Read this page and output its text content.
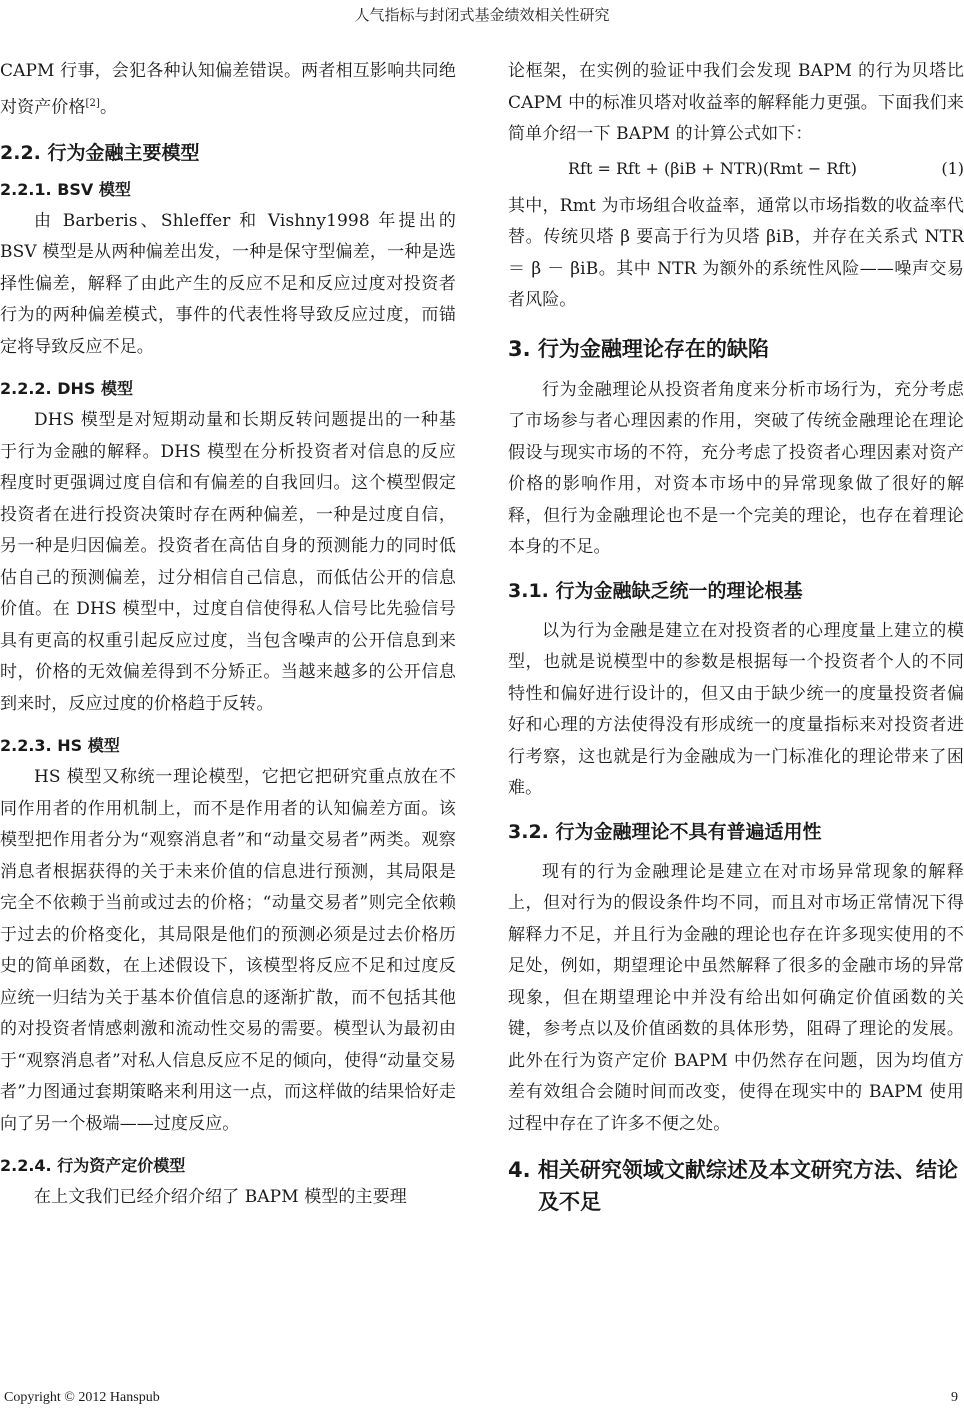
人气指标与封闭式基金绩效相关性研究

CAPM 行事，会犯各种认知偏差错误。两者相互影响共同绝对资产价格[2]。

2.2. 行为金融主要模型
2.2.1. BSV 模型

由 Barberis、Shleffer 和 Vishny1998 年提出的 BSV 模型是从两种偏差出发，一种是保守型偏差，一种是选择性偏差，解释了由此产生的反应不足和反应过度对投资者行为的两种偏差模式，事件的代表性将导致反应过度，而锚定将导致反应不足。

2.2.2. DHS 模型

DHS 模型是对短期动量和长期反转问题提出的一种基于行为金融的解释。DHS 模型在分析投资者对信息的反应程度时更强调过度自信和有偏差的自我回归。这个模型假定投资者在进行投资决策时存在两种偏差，一种是过度自信，另一种是归因偏差。投资者在高估自身的预测能力的同时低估自己的预测偏差，过分相信自己信息，而低估公开的信息价值。在 DHS 模型中，过度自信使得私人信号比先验信号具有更高的权重引起反应过度，当包含噪声的公开信息到来时，价格的无效偏差得到不分矫正。当越来越多的公开信息到来时，反应过度的价格趋于反转。

2.2.3. HS 模型

HS 模型又称统一理论模型，它把它把研究重点放在不同作用者的作用机制上，而不是作用者的认知偏差方面。该模型把作用者分为“观察消息者”和“动量交易者”两类。观察消息者根据获得的关于未来价值的信息进行预测，其局限是完全不依赖于当前或过去的价格；“动量交易者”则完全依赖于过去的价格变化，其局限是他们的预测必须是过去价格历史的简单函数，在上述假设下，该模型将反应不足和过度反应统一归结为关于基本价值信息的逐渐扩散，而不包括其他的对投资者情感刺激和流动性交易的需要。模型认为最初由于“观察消息者”对私人信息反应不足的倾向，使得“动量交易者”力图通过套期策略来利用这一点，而这样做的结果恰好走向了另一个极端——过度反应。

2.2.4. 行为资产定价模型

在上文我们已经介绍介绍了 BAPM 模型的主要理

论框架，在实例的验证中我们会发现 BAPM 的行为贝塔比 CAPM 中的标准贝塔对收益率的解释能力更强。下面我们来简单介绍一下 BAPM 的计算公式如下：

Rft = Rft + (βiB + NTR)(Rmt − Rft)	(1)

其中，Rmt 为市场组合收益率，通常以市场指数的收益率代替。传统贝塔 β 要高于行为贝塔 βiB，并存在关系式 NTR ＝ β － βiB。其中 NTR 为额外的系统性风险——噪声交易者风险。

3. 行为金融理论存在的缺陷

行为金融理论从投资者角度来分析市场行为，充分考虑了市场参与者心理因素的作用，突破了传统金融理论在理论假设与现实市场的不符，充分考虑了投资者心理因素对资产价格的影响作用，对资本市场中的异常现象做了很好的解释，但行为金融理论也不是一个完美的理论，也存在着理论本身的不足。

3.1. 行为金融缺乏统一的理论根基

以为行为金融是建立在对投资者的心理度量上建立的模型，也就是说模型中的参数是根据每一个投资者个人的不同特性和偏好进行设计的，但又由于缺少统一的度量投资者偏好和心理的方法使得没有形成统一的度量指标来对投资者进行考察，这也就是行为金融成为一门标准化的理论带来了困难。

3.2. 行为金融理论不具有普遍适用性

现有的行为金融理论是建立在对市场异常现象的解释上，但对行为的假设条件均不同，而且对市场正常情况下得解释力不足，并且行为金融的理论也存在许多现实使用的不足处，例如，期望理论中虽然解释了很多的金融市场的异常现象，但在期望理论中并没有给出如何确定价值函数的关键，参考点以及价值函数的具体形势，阻碍了理论的发展。此外在行为资产定价 BAPM 中仍然存在问题，因为均值方差有效组合会随时间而改变，使得在现实中的 BAPM 使用过程中存在了许多不便之处。

4. 相关研究领域文献综述及本文研究方法、结论及不足
Copyright © 2012 Hanspub	9
